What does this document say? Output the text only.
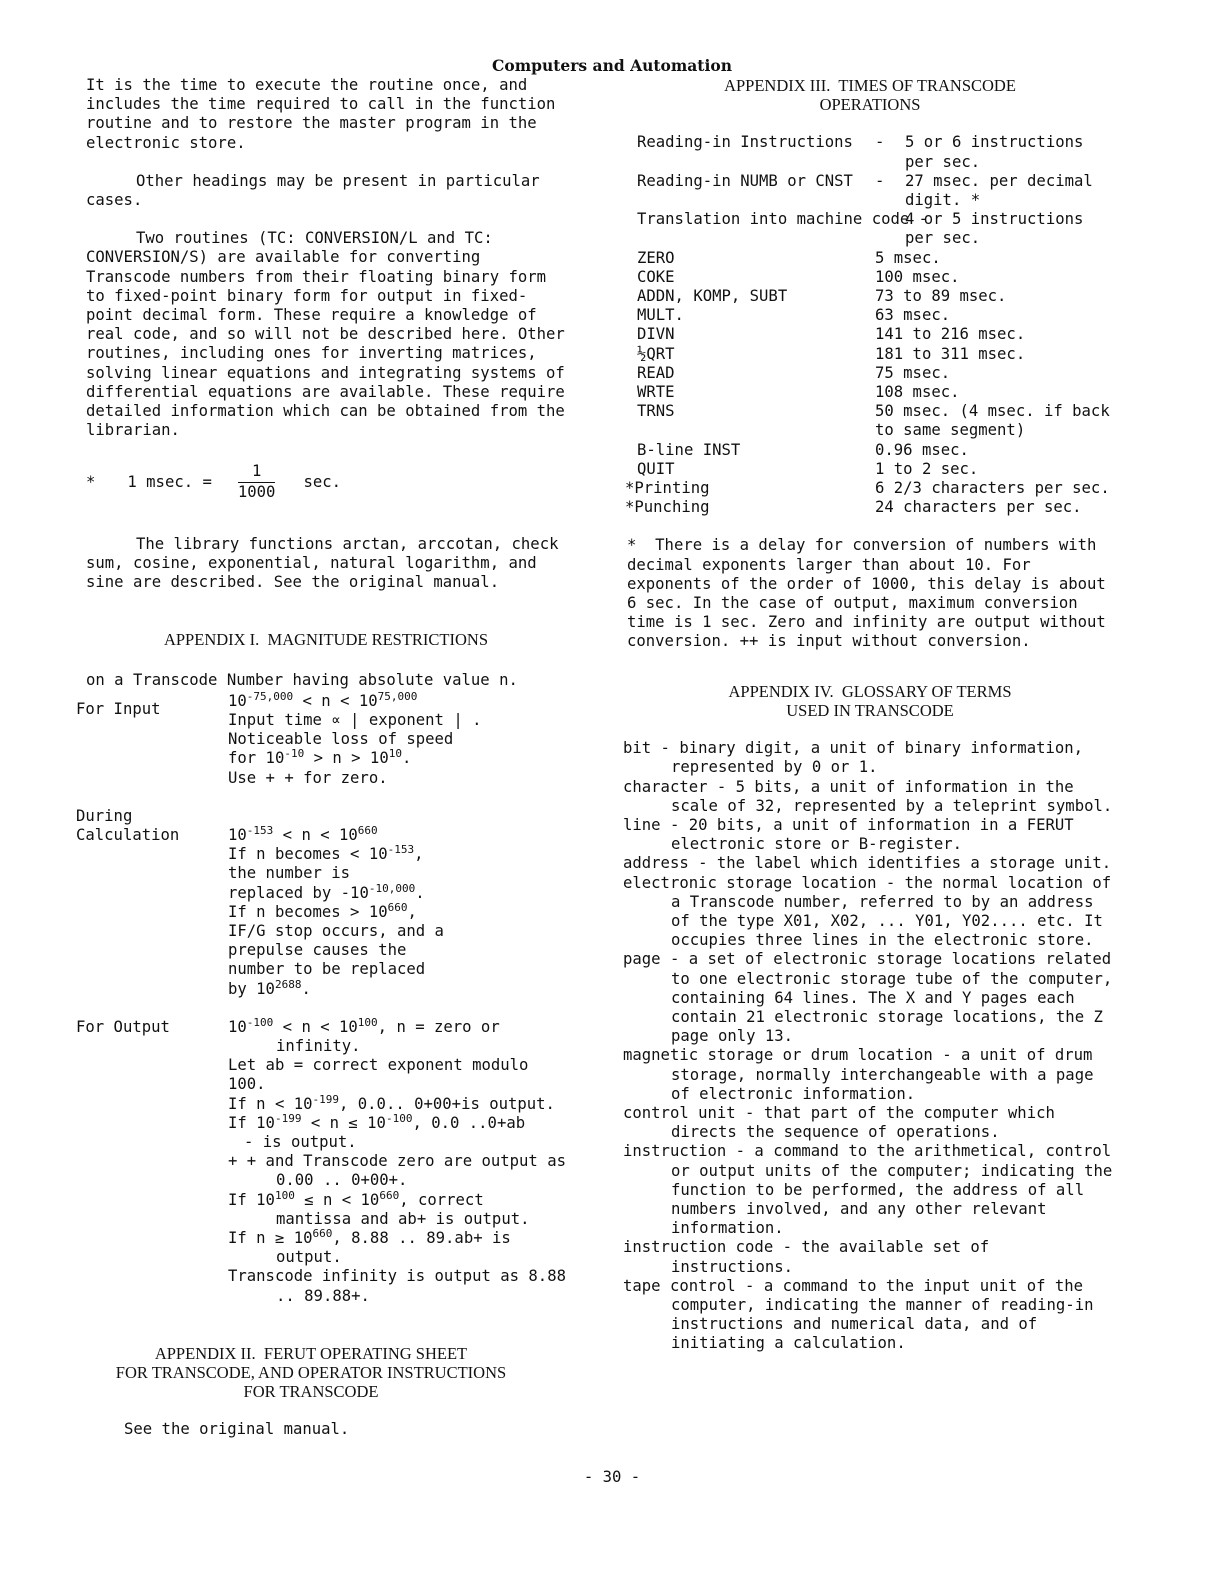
Computers and Automation

It is the time to execute the routine once, and includes the time required to call in the function routine and to restore the master program in the electronic store.

Other headings may be present in particular cases.

Two routines (TC: CONVERSION/L and TC: CONVERSION/S) are available for converting Transcode numbers from their floating binary form to fixed-point binary form for output in fixed-point decimal form. These require a knowledge of real code, and so will not be described here. Other routines, including ones for inverting matrices, solving linear equations and integrating systems of differential equations are available. These require detailed information which can be obtained from the librarian.

* 1 msec. = $\frac{1}{1000} \sec$.

The library functions arctan, arccotan, check sum, cosine, exponential, natural logarithm, and sine are described. See the original manual.

APPENDIX I.  MAGNITUDE RESTRICTIONS

on a Transcode Number having absolute value n.

For Input	$10^{-75,000} < n < 10^{75,000}$
Input time ∝ | exponent | .
Noticeable loss of speed
for $10^{-10} > n > 10^{10}$.
Use + + for zero.
During
Calculation	$10^{-153} < n < 10^{660}$
If n becomes < $10^{-153}$,
the number is
replaced by $-10^{-10,000}$.
If n becomes > $10^{660}$,
IF/G stop occurs, and a
prepulse causes the
number to be replaced
by $10^{2688}$.
For Output	$10^{-100} < n < 10^{100}$, n = zero or infinity.
Let ab = correct exponent modulo 100.
If $n < 10^{-199}$, 0.0.. 0+00+is output.
If $10^{-199} < n \le 10^{-100}$, 0.0 ..0+ab
- is output.
+ + and Transcode zero are output as 0.00 .. 0+00+.
If $10^{100} \le n < 10^{660}$, correct mantissa and ab+ is output.
If $n \ge 10^{660}$, 8.88 .. 89.ab+ is output.
Transcode infinity is output as 8.88 .. 89.88+.

APPENDIX II.  FERUT OPERATING SHEET

FOR TRANSCODE, AND OPERATOR INSTRUCTIONS

FOR TRANSCODE

See the original manual.

APPENDIX III.  TIMES OF TRANSCODE

OPERATIONS

Reading-in Instructions	-	5 or 6 instructions per sec.
Reading-in NUMB or CNST	-	27 msec. per decimal digit. *
Translation into machine code -
4 or 5 instructions per sec.
ZERO	5 msec.
COKE	100 msec.
ADDN, KOMP, SUBT	73 to 89 msec.
MULT.	63 msec.
DIVN	141 to 216 msec.
½QRT	181 to 311 msec.
READ	75 msec.
WRTE	108 msec.
TRNS	50 msec. (4 msec. if back to same segment)
B-line INST	0.96 msec.
QUIT	1 to 2 sec.
*Printing	6 2/3 characters per sec.
*Punching	24 characters per sec.

*  There is a delay for conversion of numbers with decimal exponents larger than about 10. For exponents of the order of 1000, this delay is about 6 sec. In the case of output, maximum conversion time is 1 sec. Zero and infinity are output without conversion. ++ is input without conversion.

APPENDIX IV.  GLOSSARY OF TERMS

USED IN TRANSCODE

bit - binary digit, a unit of binary information, represented by 0 or 1.

character - 5 bits, a unit of information in the scale of 32, represented by a teleprint symbol.

line - 20 bits, a unit of information in a FERUT electronic store or B-register.

address - the label which identifies a storage unit.

electronic storage location - the normal location of a Transcode number, referred to by an address of the type X01, X02, ... Y01, Y02.... etc. It occupies three lines in the electronic store.

page - a set of electronic storage locations related to one electronic storage tube of the computer, containing 64 lines. The X and Y pages each contain 21 electronic storage locations, the Z page only 13.

magnetic storage or drum location - a unit of drum storage, normally interchangeable with a page of electronic information.

control unit - that part of the computer which directs the sequence of operations.

instruction - a command to the arithmetical, control or output units of the computer; indicating the function to be performed, the address of all numbers involved, and any other relevant information.

instruction code - the available set of instructions.

tape control - a command to the input unit of the computer, indicating the manner of reading-in instructions and numerical data, and of initiating a calculation.

- 30 -
